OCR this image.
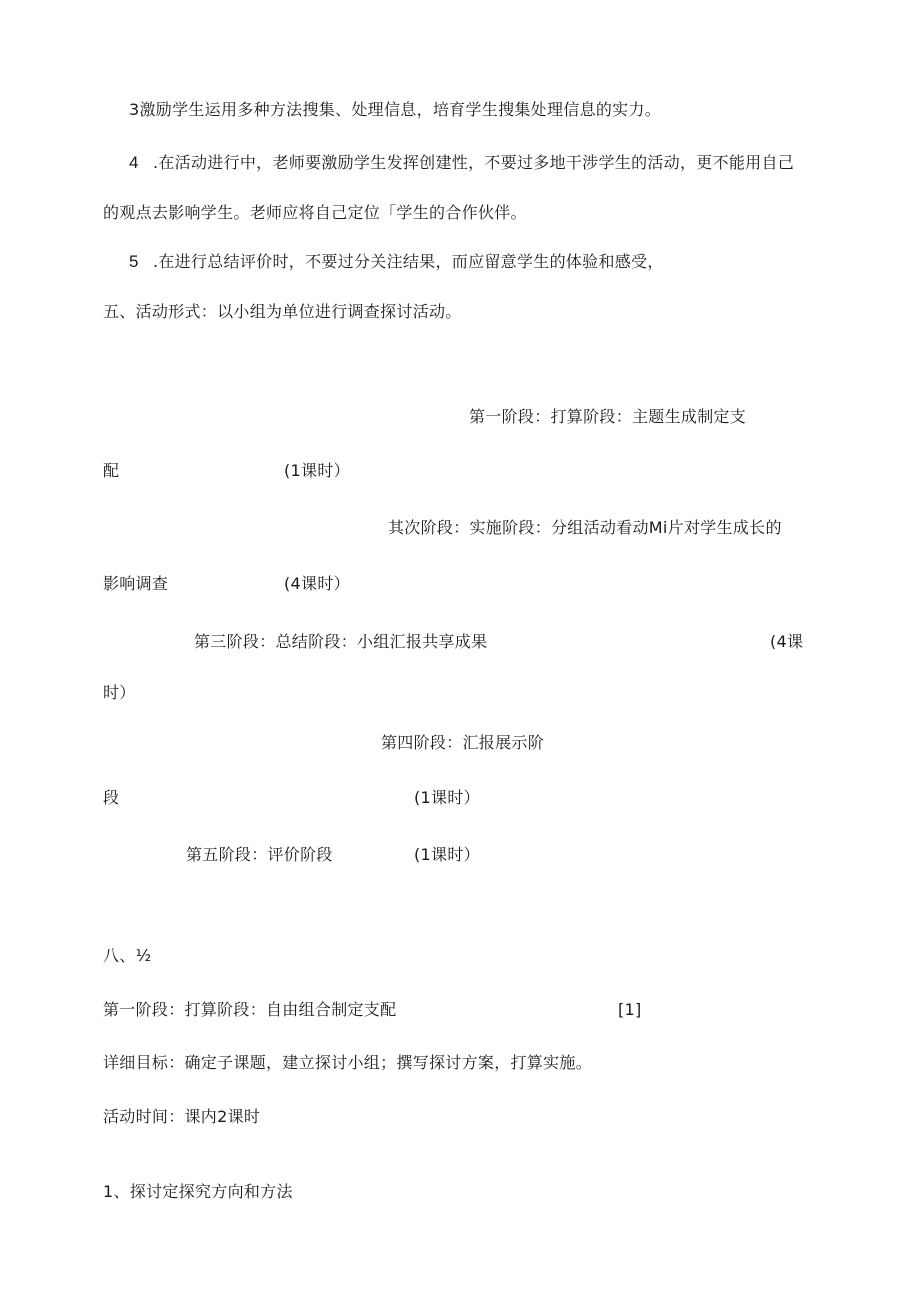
3激励学生运用多种方法搜集、处理信息，培育学生搜集处理信息的实力。
4 .在活动进行中，老师要激励学生发挥创建性，不要过多地干涉学生的活动，更不能用自己
的观点去影响学生。老师应将自己定位「学生的合作伙伴。
5 .在进行总结评价时，不要过分关注结果，而应留意学生的体验和感受，
五、活动形式：以小组为单位进行调查探讨活动。
第一阶段：打算阶段：主题生成制定支
配	(1课时）
其次阶段：实施阶段：分组活动看动Mi片对学生成长的
影响调查	(4课时）
第三阶段：总结阶段：小组汇报共享成果	(4课
时）
第四阶段：汇报展示阶
段	(1课时）
第五阶段：评价阶段	(1课时）
八、½
第一阶段：打算阶段：自由组合制定支配	[1]
详细目标：确定子课题，建立探讨小组；撰写探讨方案，打算实施。
活动时间：课内2课时
1、探讨定探究方向和方法
